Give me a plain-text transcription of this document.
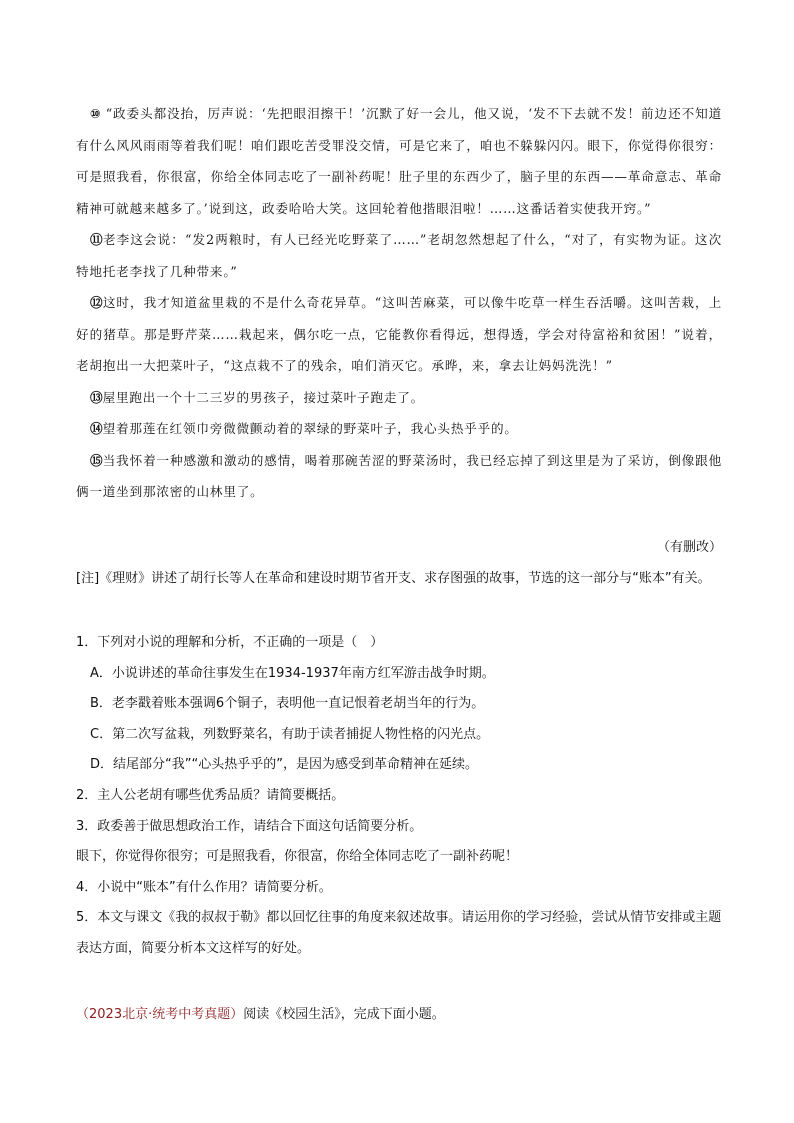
⑩ “政委头都没抬，厉声说：‘先把眼泪擦干！’沉默了好一会儿，他又说，‘发不下去就不发！前边还不知道有什么风风雨雨等着我们呢！咱们跟吃苦受罪没交情，可是它来了，咱也不躲躲闪闪。眼下，你觉得你很穷：可是照我看，你很富，你给全体同志吃了一副补药呢！肚子里的东西少了，脑子里的东西——革命意志、革命精神可就越来越多了。’说到这，政委哈哈大笑。这回轮着他揩眼泪啦！……这番话着实使我开窍。”

⑪老李这会说：“发2两粮时，有人已经光吃野菜了……”老胡忽然想起了什么，“对了，有实物为证。这次特地托老李找了几种带来。”

⑫这时，我才知道盆里栽的不是什么奇花异草。“这叫苦麻菜，可以像牛吃草一样生吞活嚼。这叫苦栽，上好的猪草。那是野芹菜……栽起来，偶尔吃一点，它能教你看得远，想得透，学会对待富裕和贫困！”说着，老胡抱出一大把菜叶子，“这点栽不了的残余，咱们消灭它。承晔，来，拿去让妈妈洗洗！”

⑬屋里跑出一个十二三岁的男孩子，接过菜叶子跑走了。

⑭望着那莲在红领巾旁微微颤动着的翠绿的野菜叶子，我心头热乎乎的。

⑮当我怀着一种感激和激动的感情，喝着那碗苦涩的野菜汤时，我已经忘掉了到这里是为了采访，倒像跟他俩一道坐到那浓密的山林里了。

（有删改）
[注]《理财》讲述了胡行长等人在革命和建设时期节省开支、求存图强的故事，节选的这一部分与“账本”有关。
1．下列对小说的理解和分析，不正确的一项是（　）
A．小说讲述的革命往事发生在1934-1937年南方红军游击战争时期。
B．老李戳着账本强调6个铜子，表明他一直记恨着老胡当年的行为。
C．第二次写盆栽，列数野菜名，有助于读者捕捉人物性格的闪光点。
D．结尾部分“我”“心头热乎乎的”，是因为感受到革命精神在延续。
2．主人公老胡有哪些优秀品质？请简要概括。
3．政委善于做思想政治工作，请结合下面这句话简要分析。
眼下，你觉得你很穷；可是照我看，你很富，你给全体同志吃了一副补药呢！
4．小说中“账本”有什么作用？请简要分析。
5．本文与课文《我的叔叔于勒》都以回忆往事的角度来叙述故事。请运用你的学习经验，尝试从情节安排或主题表达方面，简要分析本文这样写的好处。
（2023北京·统考中考真题）阅读《校园生活》，完成下面小题。
